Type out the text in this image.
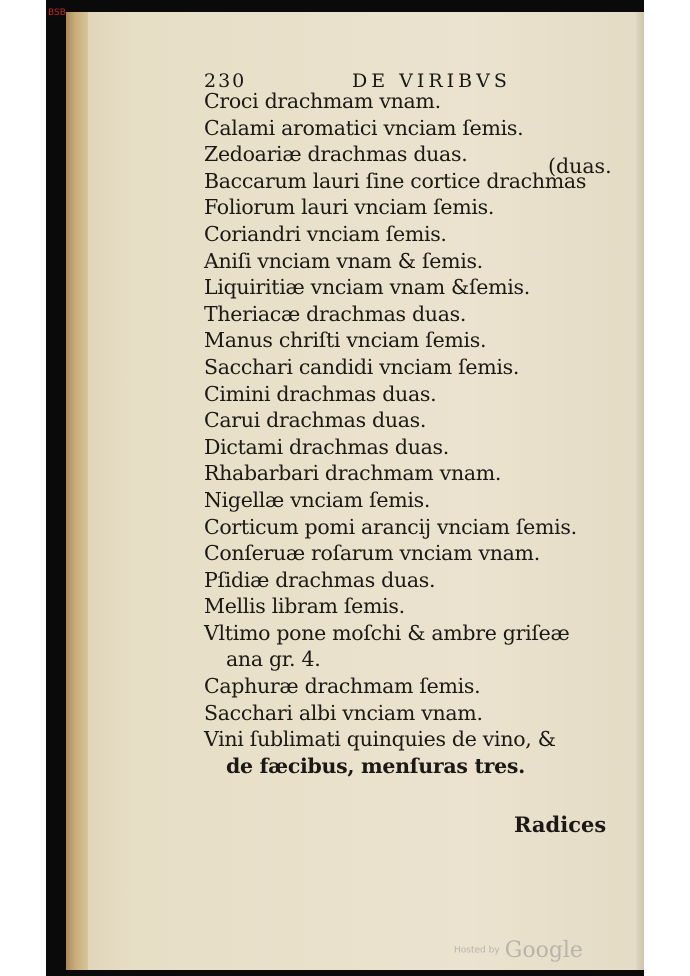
BSB
230	DE VIRIBVS
Croci drachmam vnam.
Calami aromatici vnciam ſemis.
Zedoariæ drachmas duas.
Baccarum lauri ſine cortice drachmas
Foliorum lauri vnciam ſemis.
Coriandri vnciam ſemis.
Aniſi vnciam vnam & ſemis.
Liquiritiæ vnciam vnam &ſemis.
Theriacæ drachmas duas.
Manus chriſti vnciam ſemis.
Sacchari candidi vnciam ſemis.
Cimini drachmas duas.
Carui drachmas duas.
Dictami drachmas duas.
Rhabarbari drachmam vnam.
Nigellæ vnciam ſemis.
Corticum pomi arancij vnciam ſemis.
Conſeruæ roſarum vnciam vnam.
Pſidiæ drachmas duas.
Mellis libram ſemis.
Vltimo pone moſchi & ambre griſeæ
ana gr. 4.
Caphuræ drachmam ſemis.
Sacchari albi vnciam vnam.
Vini ſublimati quinquies de vino, &
de fæcibus, menſuras tres.
(duas.
Radices
Hosted by Google
